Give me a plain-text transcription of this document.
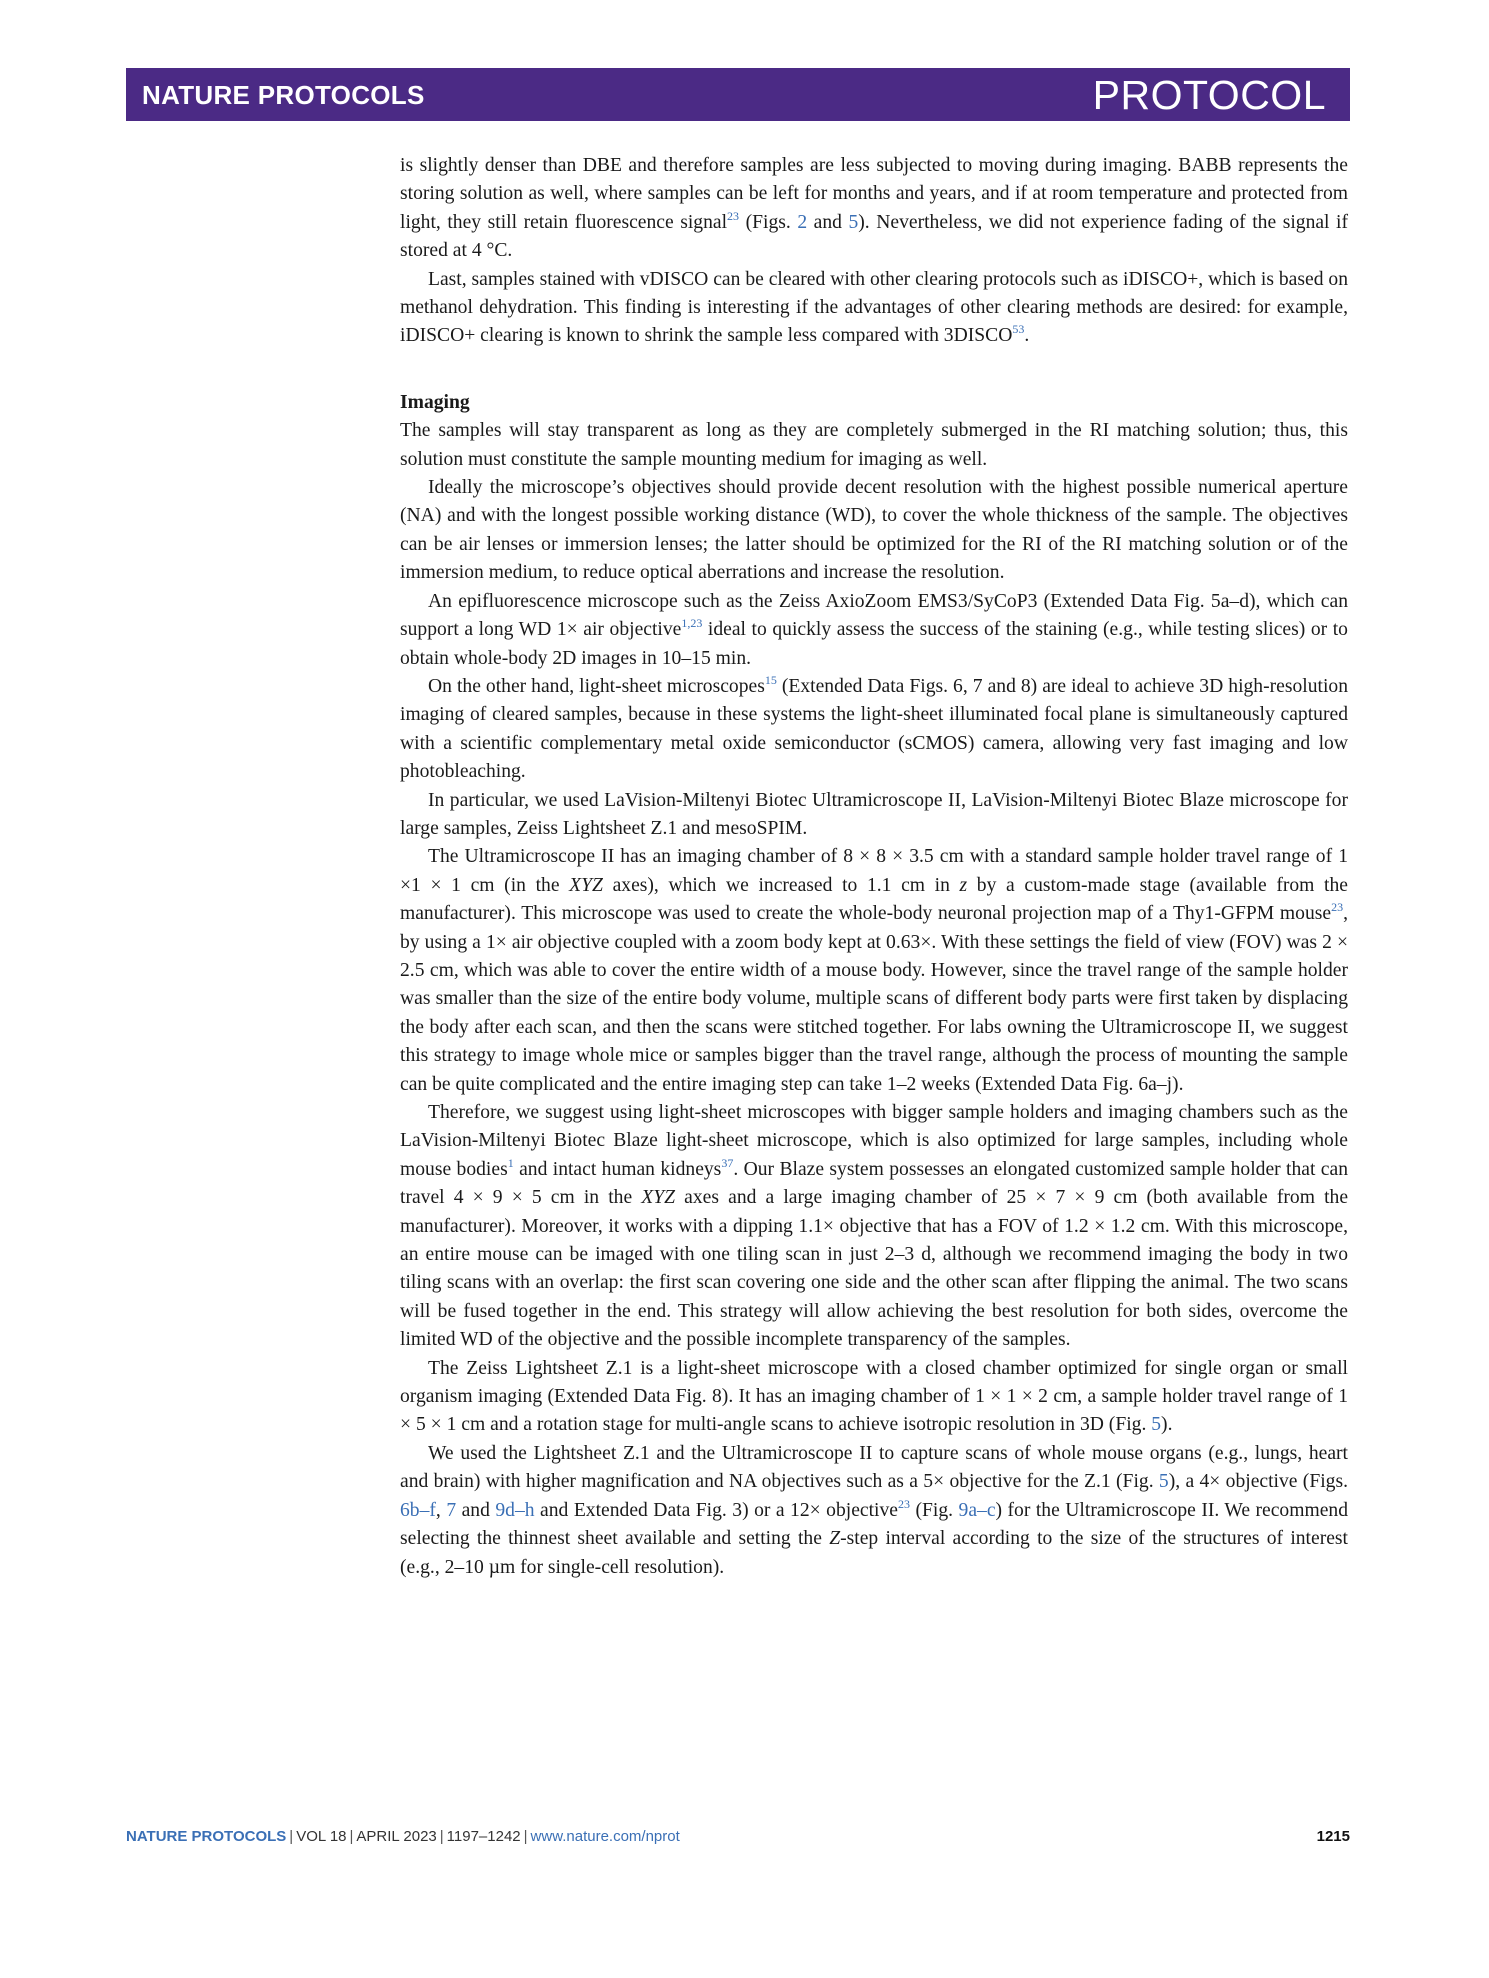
NATURE PROTOCOLS	PROTOCOL

is slightly denser than DBE and therefore samples are less subjected to moving during imaging. BABB represents the storing solution as well, where samples can be left for months and years, and if at room temperature and protected from light, they still retain fluorescence signal$^{23}$ (Figs. 2 and 5). Nevertheless, we did not experience fading of the signal if stored at 4 °C.

Last, samples stained with vDISCO can be cleared with other clearing protocols such as iDISCO+, which is based on methanol dehydration. This finding is interesting if the advantages of other clearing methods are desired: for example, iDISCO+ clearing is known to shrink the sample less compared with 3DISCO$^{53}$.

Imaging

The samples will stay transparent as long as they are completely submerged in the RI matching solution; thus, this solution must constitute the sample mounting medium for imaging as well.

Ideally the microscope’s objectives should provide decent resolution with the highest possible numerical aperture (NA) and with the longest possible working distance (WD), to cover the whole thickness of the sample. The objectives can be air lenses or immersion lenses; the latter should be optimized for the RI of the RI matching solution or of the immersion medium, to reduce optical aberrations and increase the resolution.

An epifluorescence microscope such as the Zeiss AxioZoom EMS3/SyCoP3 (Extended Data Fig. 5a–d), which can support a long WD 1× air objective$^{1,23}$ ideal to quickly assess the success of the staining (e.g., while testing slices) or to obtain whole-body 2D images in 10–15 min.

On the other hand, light-sheet microscopes$^{15}$ (Extended Data Figs. 6, 7 and 8) are ideal to achieve 3D high-resolution imaging of cleared samples, because in these systems the light-sheet illuminated focal plane is simultaneously captured with a scientific complementary metal oxide semiconductor (sCMOS) camera, allowing very fast imaging and low photobleaching.

In particular, we used LaVision-Miltenyi Biotec Ultramicroscope II, LaVision-Miltenyi Biotec Blaze microscope for large samples, Zeiss Lightsheet Z.1 and mesoSPIM.

The Ultramicroscope II has an imaging chamber of 8 × 8 × 3.5 cm with a standard sample holder travel range of 1 ×1 × 1 cm (in the XYZ axes), which we increased to 1.1 cm in z by a custom-made stage (available from the manufacturer). This microscope was used to create the whole-body neuronal projection map of a Thy1-GFPM mouse$^{23}$, by using a 1× air objective coupled with a zoom body kept at 0.63×. With these settings the field of view (FOV) was 2 × 2.5 cm, which was able to cover the entire width of a mouse body. However, since the travel range of the sample holder was smaller than the size of the entire body volume, multiple scans of different body parts were first taken by displacing the body after each scan, and then the scans were stitched together. For labs owning the Ultramicroscope II, we suggest this strategy to image whole mice or samples bigger than the travel range, although the process of mounting the sample can be quite complicated and the entire imaging step can take 1–2 weeks (Extended Data Fig. 6a–j).

Therefore, we suggest using light-sheet microscopes with bigger sample holders and imaging chambers such as the LaVision-Miltenyi Biotec Blaze light-sheet microscope, which is also optimized for large samples, including whole mouse bodies$^1$ and intact human kidneys$^{37}$. Our Blaze system possesses an elongated customized sample holder that can travel 4 × 9 × 5 cm in the XYZ axes and a large imaging chamber of 25 × 7 × 9 cm (both available from the manufacturer). Moreover, it works with a dipping 1.1× objective that has a FOV of 1.2 × 1.2 cm. With this microscope, an entire mouse can be imaged with one tiling scan in just 2–3 d, although we recommend imaging the body in two tiling scans with an overlap: the first scan covering one side and the other scan after flipping the animal. The two scans will be fused together in the end. This strategy will allow achieving the best resolution for both sides, overcome the limited WD of the objective and the possible incomplete transparency of the samples.

The Zeiss Lightsheet Z.1 is a light-sheet microscope with a closed chamber optimized for single organ or small organism imaging (Extended Data Fig. 8). It has an imaging chamber of 1 × 1 × 2 cm, a sample holder travel range of 1 × 5 × 1 cm and a rotation stage for multi-angle scans to achieve isotropic resolution in 3D (Fig. 5).

We used the Lightsheet Z.1 and the Ultramicroscope II to capture scans of whole mouse organs (e.g., lungs, heart and brain) with higher magnification and NA objectives such as a 5× objective for the Z.1 (Fig. 5), a 4× objective (Figs. 6b–f, 7 and 9d–h and Extended Data Fig. 3) or a 12× objective$^{23}$ (Fig. 9a–c) for the Ultramicroscope II. We recommend selecting the thinnest sheet available and setting the Z-step interval according to the size of the structures of interest (e.g., 2–10 µm for single-cell resolution).

NATURE PROTOCOLS | VOL 18 | APRIL 2023 | 1197–1242 | www.nature.com/nprot	1215
